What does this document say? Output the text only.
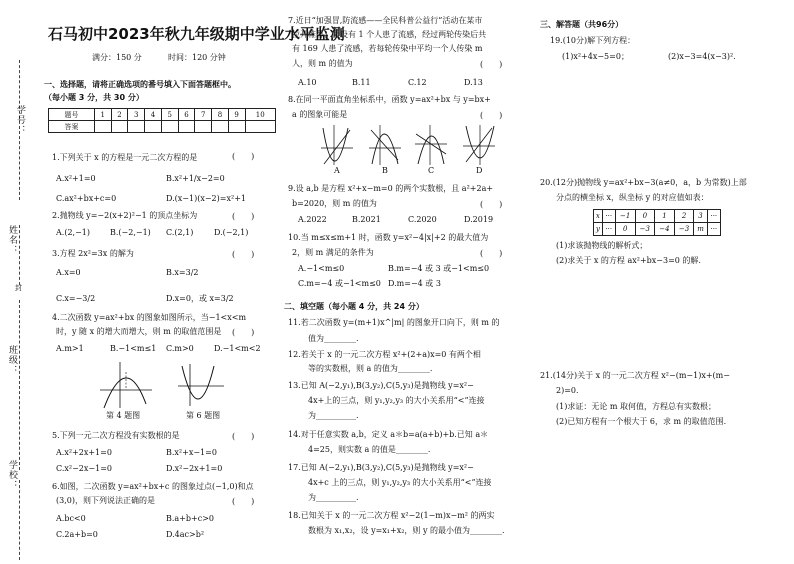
学号：
姓名：
班级：
学校：
封
石马初中2023年秋九年级期中学业水平监测
满分：150 分	时间：120 分钟
一、选择题，请将正确选项的番号填入下面答题框中。
（每小题 3 分，共 30 分）
题号	1	2	3	4	5	6	7	8	9	10
答案										
1.下列关于 x 的方程是一元二次方程的是	(　　)
A.x²+1=0	B.x²+1/x−2=0
C.ax²+bx+c=0	D.(x−1)(x−2)=x²+1
2.抛物线 y=−2(x+2)²−1 的顶点坐标为	(　　)
A.(2,−1)	B.(−2,−1) C.(2,1)	D.(−2,1)
3.方程 2x²=3x 的解为	(　　)
A.x=0	B.x=3/2
C.x=−3/2	D.x=0，或 x=3/2
4.二次函数 y=ax²+bx 的图象如图所示，当−1<x<m
时，y 随 x 的增大而增大，则 m 的取值范围是 (　　)
A.m>1	B.−1<m≤1 C.m>0	D.−1<m<2
第 4 题图	第 6 题图
5.下列一元二次方程没有实数根的是	(　　)
A.x²+2x+1=0	B.x²+x−1=0
C.x²−2x−1=0	D.x²−2x+1=0
6.如图，二次函数 y=ax²+bx+c 的图象过点(−1,0)和点
(3,0)，则下列说法正确的是	(　　)
A.bc<0	B.a+b+c>0
C.2a+b=0	D.4ac>b²
7.近日“加强冒,防流感——全民科普公益行”活动在某市
拉开帷幕，假设有 1 个人患了流感，经过两轮传染后共
有 169 人患了流感，若每轮传染中平均一个人传染 m
人，则 m 的值为	(　　)
A.10	B.11	C.12	D.13
8.在同一平面直角坐标系中，函数 y=ax²+bx 与 y=bx+
a 的图象可能是	(　　)
A	B	C	D
9.设 a,b 是方程 x²+x−m=0 的两个实数根，且 a²+2a+
b=2020，则 m 的值为	(　　)
A.2022	B.2021	C.2020	D.2019
10.当 m≤x≤m+1 时，函数 y=x²−4|x|+2 的最大值为
2，则 m 满足的条件为	(　　)
A.−1<m≤0	B.m=−4 或 3 或−1<m≤0
C.m=−4 或−1<m≤0 D.m=−4 或 3
二、填空题（每小题 4 分，共 24 分）
11.若二次函数 y=(m+1)x^|m| 的图象开口向下，则 m 的
值为________.
12.若关于 x 的一元二次方程 x²+(2+a)x=0 有两个相
等的实数根，则 a 的值为________.
13.已知 A(−2,y₁),B(3,y₂),C(5,y₃)是抛物线 y=x²−
4x+上的三点，则 y₁,y₂,y₃ 的大小关系用“<”连接
为__________.
14.对于任意实数 a,b，定义 a＊b=a(a+b)+b.已知 a＊
4=25，则实数 a 的值是________.
17.已知 A(−2,y₁),B(3,y₂),C(5,y₃)是抛物线 y=x²−
4x+c 上的三点，则 y₁,y₂,y₃ 的大小关系用“<”连接
为__________.
18.已知关于 x 的一元二次方程 x²−2(1−m)x−m² 的两实
数根为 x₁,x₂，设 y=x₁+x₂，则 y 的最小值为________.
三、解答题（共96分）
19.(10分)解下列方程：
(1)x²+4x−5=0；	(2)x−3=4(x−3)².
20.(12分)抛物线 y=ax²+bx−3(a≠0，a，b 为常数)上部
分点的横坐标 x，纵坐标 y 的对应值如表：
x	···	−1	0	1	2	3	···
y	···	0	−3	−4	−3	m	···
(1)求该抛物线的解析式；
(2)求关于 x 的方程 ax²+bx−3=0 的解.
21.(14分)关于 x 的一元二次方程 x²−(m−1)x+(m−
2)=0.
(1)求证：无论 m 取何值，方程总有实数根；
(2)已知方程有一个根大于 6，求 m 的取值范围.
